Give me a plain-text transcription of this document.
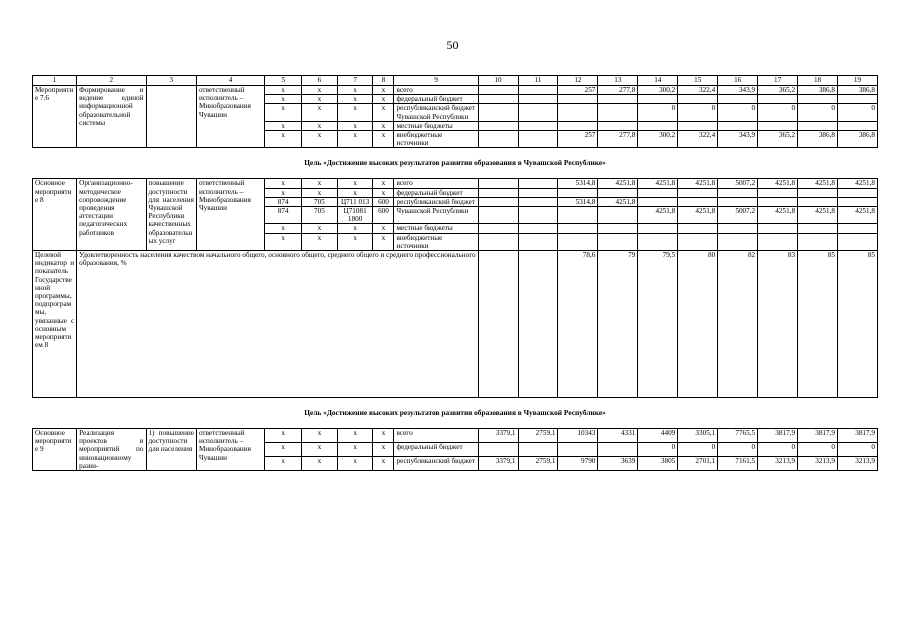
50
1	2	3	4	5	6	7	8	9	10	11	12	13	14	15	16	17	18	19
Мероприятие 7.6	Формирование и ведение единой информационной образовательной системы		ответственный исполнитель – Минобразования Чувашии	x	x	x	x	всего			257	277,8	300,2	322,4	343,9	365,2	386,8	386,8
				x	x	x	x	федеральный бюджет										
				x	x	x	x	республиканский бюджет Чувашской Республики					0	0	0	0	0	0
				x	x	x	x	местные бюджеты										
				x	x	x	x	внебюджетные источники			257	277,8	300,2	322,4	343,9	365,2	386,8	386,8
Цель «Достижение высоких результатов развития образования в Чувашской Республике»																		
Основное мероприятие 8	Организационно-методическое сопровождение проведения аттестации педагогических работников	повышение доступности для населения Чувашской Республики качественных образовательных услуг	ответственный исполнитель – Минобразования Чувашии	x	x	x	x	всего			5314,8	4251,8	4251,8	4251,8	5007,2	4251,8	4251,8	4251,8
				x	x	x	x	федеральный бюджет										
				874	705	Ц711 013	600	республиканский бюджет			5314,8	4251,8						
				874	705	Ц71081 1800	600	Чувашской Республики					4251,8	4251,8	5007,2	4251,8	4251,8	4251,8
				x	x	x	x	местные бюджеты										
				x	x	x	x	внебюджетные источники										
Целевой индикатор и показатель Государственной программы, подпрограммы, увязанные с основным мероприятием 8	Удовлетворенность населения качеством начального общего, основного общего, среднего общего и среднего профессионального образования, %										78,6	79	79,5	80	82	83	85	85
Цель «Достижение высоких результатов развития образования в Чувашской Республике»																		
Основное мероприятие 9	Реализация проектов и мероприятий по инновационному разви-	1) повышение доступности для населения	ответственный исполнитель – Минобразования Чувашии	x	x	x	x	всего	3379,1	2759,1	10343	4331	4409	3305,1	7765,5	3817,9	3817,9	3817,9
				x	x	x	x	федеральный бюджет					0	0	0	0	0	0
				x	x	x	x	республиканский бюджет	3379,1	2759,1	9790	3639	3805	2701,1	7161,5	3213,9	3213,9	3213,9
